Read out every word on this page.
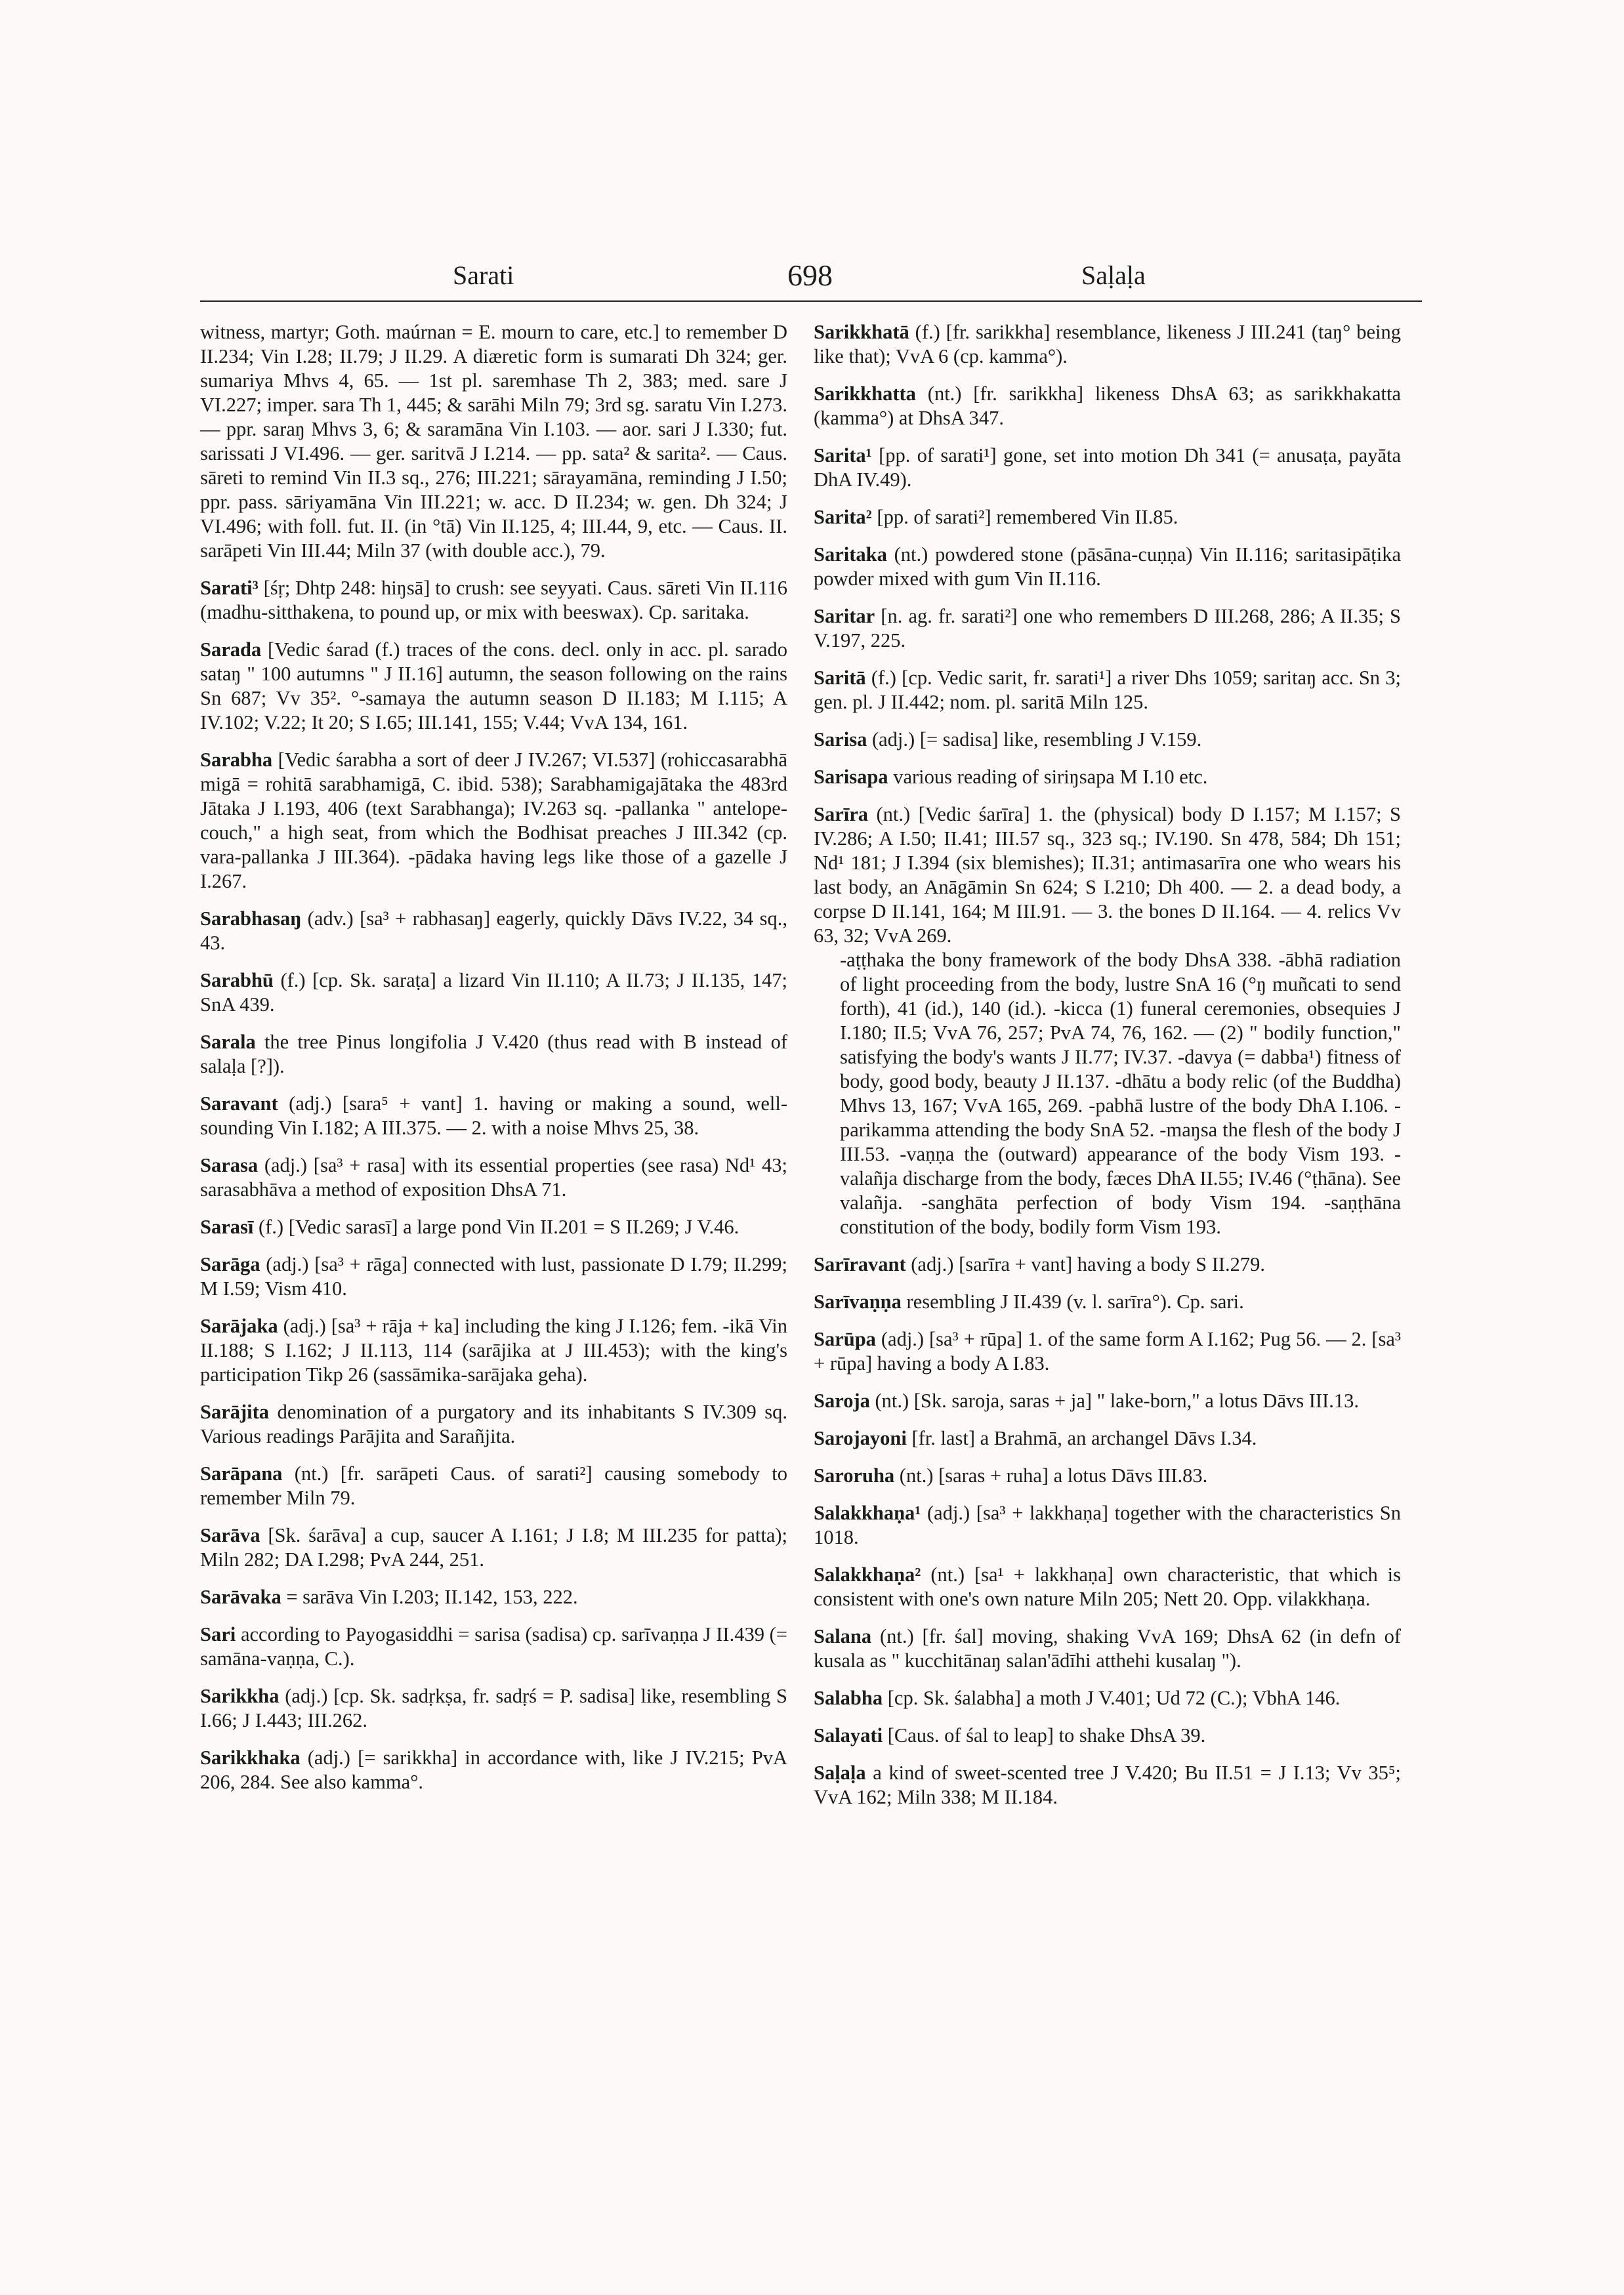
Sarati	698	Saḷaḷa
witness, martyr; Goth. maúrnan = E. mourn to care, etc.] to remember D II.234; Vin I.28; II.79; J II.29. A diæretic form is sumarati Dh 324; ger. sumariya Mhvs 4, 65. — 1st pl. saremhase Th 2, 383; med. sare J VI.227; imper. sara Th 1, 445; & sarāhi Miln 79; 3rd sg. saratu Vin I.273. — ppr. saraŋ Mhvs 3, 6; & saramāna Vin I.103. — aor. sari J I.330; fut. sarissati J VI.496. — ger. saritvā J I.214. — pp. sata² & sarita². — Caus. sāreti to remind Vin II.3 sq., 276; III.221; sārayamāna, reminding J I.50; ppr. pass. sāriyamāna Vin III.221; w. acc. D II.234; w. gen. Dh 324; J VI.496; with foll. fut. II. (in °tā) Vin II.125, 4; III.44, 9, etc. — Caus. II. sarāpeti Vin III.44; Miln 37 (with double acc.), 79.
Sarati³ [śṛ; Dhtp 248: hiŋsā] to crush: see seyyati. Caus. sāreti Vin II.116 (madhu-sitthakena, to pound up, or mix with beeswax). Cp. saritaka.
Sarada [Vedic śarad (f.) traces of the cons. decl. only in acc. pl. sarado sataŋ " 100 autumns " J II.16] autumn, the season following on the rains Sn 687; Vv 35². °-samaya the autumn season D II.183; M I.115; A IV.102; V.22; It 20; S I.65; III.141, 155; V.44; VvA 134, 161.
Sarabha [Vedic śarabha a sort of deer J IV.267; VI.537] (rohiccasarabhā migā = rohitā sarabhamigā, C. ibid. 538); Sarabhamigajātaka the 483rd Jātaka J I.193, 406 (text Sarabhanga); IV.263 sq. -pallanka " antelope-couch," a high seat, from which the Bodhisat preaches J III.342 (cp. vara-pallanka J III.364). -pādaka having legs like those of a gazelle J I.267.
Sarabhasaŋ (adv.) [sa³ + rabhasaŋ] eagerly, quickly Dāvs IV.22, 34 sq., 43.
Sarabhū (f.) [cp. Sk. saraṭa] a lizard Vin II.110; A II.73; J II.135, 147; SnA 439.
Sarala the tree Pinus longifolia J V.420 (thus read with B instead of salaḷa [?]).
Saravant (adj.) [sara⁵ + vant] 1. having or making a sound, well-sounding Vin I.182; A III.375. — 2. with a noise Mhvs 25, 38.
Sarasa (adj.) [sa³ + rasa] with its essential properties (see rasa) Nd¹ 43; sarasabhāva a method of exposition DhsA 71.
Sarasī (f.) [Vedic sarasī] a large pond Vin II.201 = S II.269; J V.46.
Sarāga (adj.) [sa³ + rāga] connected with lust, passionate D I.79; II.299; M I.59; Vism 410.
Sarājaka (adj.) [sa³ + rāja + ka] including the king J I.126; fem. -ikā Vin II.188; S I.162; J II.113, 114 (sarājika at J III.453); with the king's participation Tikp 26 (sassāmika-sarājaka geha).
Sarājita denomination of a purgatory and its inhabitants S IV.309 sq. Various readings Parājita and Sarañjita.
Sarāpana (nt.) [fr. sarāpeti Caus. of sarati²] causing somebody to remember Miln 79.
Sarāva [Sk. śarāva] a cup, saucer A I.161; J I.8; M III.235 for patta); Miln 282; DA I.298; PvA 244, 251.
Sarāvaka = sarāva Vin I.203; II.142, 153, 222.
Sari according to Payogasiddhi = sarisa (sadisa) cp. sarīvaṇṇa J II.439 (= samāna-vaṇṇa, C.).
Sarikkha (adj.) [cp. Sk. sadṛkṣa, fr. sadṛś = P. sadisa] like, resembling S I.66; J I.443; III.262.
Sarikkhaka (adj.) [= sarikkha] in accordance with, like J IV.215; PvA 206, 284. See also kamma°.
Sarikkhatā (f.) [fr. sarikkha] resemblance, likeness J III.241 (taŋ° being like that); VvA 6 (cp. kamma°).
Sarikkhatta (nt.) [fr. sarikkha] likeness DhsA 63; as sarikkhakatta (kamma°) at DhsA 347.
Sarita¹ [pp. of sarati¹] gone, set into motion Dh 341 (= anusaṭa, payāta DhA IV.49).
Sarita² [pp. of sarati²] remembered Vin II.85.
Saritaka (nt.) powdered stone (pāsāna-cuṇṇa) Vin II.116; saritasipāṭika powder mixed with gum Vin II.116.
Saritar [n. ag. fr. sarati²] one who remembers D III.268, 286; A II.35; S V.197, 225.
Saritā (f.) [cp. Vedic sarit, fr. sarati¹] a river Dhs 1059; saritaŋ acc. Sn 3; gen. pl. J II.442; nom. pl. saritā Miln 125.
Sarisa (adj.) [= sadisa] like, resembling J V.159.
Sarisapa various reading of siriŋsapa M I.10 etc.
Sarīra (nt.) [Vedic śarīra] 1. the (physical) body D I.157; M I.157; S IV.286; A I.50; II.41; III.57 sq., 323 sq.; IV.190. Sn 478, 584; Dh 151; Nd¹ 181; J I.394 (six blemishes); II.31; antimasarīra one who wears his last body, an Anāgāmin Sn 624; S I.210; Dh 400. — 2. a dead body, a corpse D II.141, 164; M III.91. — 3. the bones D II.164. — 4. relics Vv 63, 32; VvA 269.
-aṭṭhaka the bony framework of the body DhsA 338. -ābhā radiation of light proceeding from the body, lustre SnA 16 (°ŋ muñcati to send forth), 41 (id.), 140 (id.). -kicca (1) funeral ceremonies, obsequies J I.180; II.5; VvA 76, 257; PvA 74, 76, 162. — (2) " bodily function," satisfying the body's wants J II.77; IV.37. -davya (= dabba¹) fitness of body, good body, beauty J II.137. -dhātu a body relic (of the Buddha) Mhvs 13, 167; VvA 165, 269. -pabhā lustre of the body DhA I.106. -parikamma attending the body SnA 52. -maŋsa the flesh of the body J III.53. -vaṇṇa the (outward) appearance of the body Vism 193. -valañja discharge from the body, fæces DhA II.55; IV.46 (°ṭhāna). See valañja. -sanghāta perfection of body Vism 194. -saṇṭhāna constitution of the body, bodily form Vism 193.
Sarīravant (adj.) [sarīra + vant] having a body S II.279.
Sarīvaṇṇa resembling J II.439 (v. l. sarīra°). Cp. sari.
Sarūpa (adj.) [sa³ + rūpa] 1. of the same form A I.162; Pug 56. — 2. [sa³ + rūpa] having a body A I.83.
Saroja (nt.) [Sk. saroja, saras + ja] " lake-born," a lotus Dāvs III.13.
Sarojayoni [fr. last] a Brahmā, an archangel Dāvs I.34.
Saroruha (nt.) [saras + ruha] a lotus Dāvs III.83.
Salakkhaṇa¹ (adj.) [sa³ + lakkhaṇa] together with the characteristics Sn 1018.
Salakkhaṇa² (nt.) [sa¹ + lakkhaṇa] own characteristic, that which is consistent with one's own nature Miln 205; Nett 20. Opp. vilakkhaṇa.
Salana (nt.) [fr. śal] moving, shaking VvA 169; DhsA 62 (in defn of kusala as " kucchitānaŋ salan'ādīhi atthehi kusalaŋ ").
Salabha [cp. Sk. śalabha] a moth J V.401; Ud 72 (C.); VbhA 146.
Salayati [Caus. of śal to leap] to shake DhsA 39.
Saḷaḷa a kind of sweet-scented tree J V.420; Bu II.51 = J I.13; Vv 35⁵; VvA 162; Miln 338; M II.184.
